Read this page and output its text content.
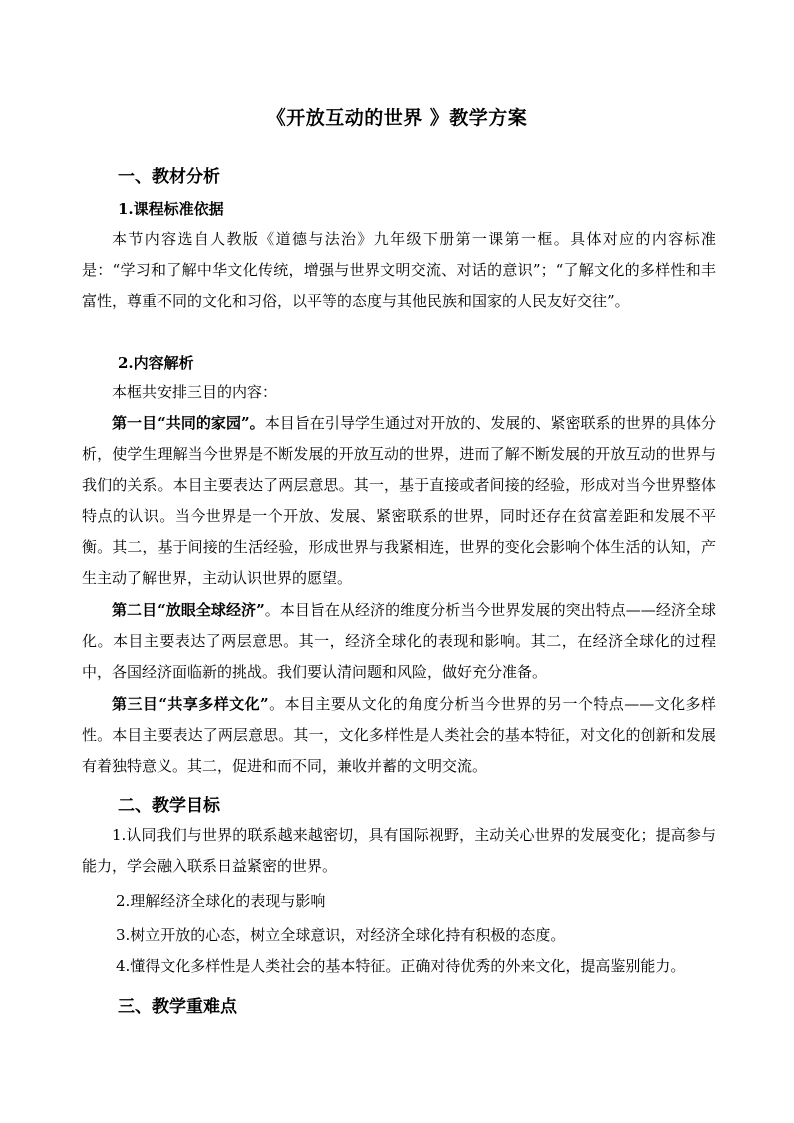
《开放互动的世界 》教学方案
一、教材分析
1.课程标准依据

本节内容选自人教版《道德与法治》九年级下册第一课第一框。具体对应的内容标准是：“学习和了解中华文化传统，增强与世界文明交流、对话的意识”；“了解文化的多样性和丰富性，尊重不同的文化和习俗，以平等的态度与其他民族和国家的人民友好交往”。

2.内容解析

本框共安排三目的内容：

第一目“共同的家园”。本目旨在引导学生通过对开放的、发展的、紧密联系的世界的具体分析，使学生理解当今世界是不断发展的开放互动的世界，进而了解不断发展的开放互动的世界与我们的关系。本目主要表达了两层意思。其一，基于直接或者间接的经验，形成对当今世界整体特点的认识。当今世界是一个开放、发展、紧密联系的世界，同时还存在贫富差距和发展不平衡。其二，基于间接的生活经验，形成世界与我紧相连，世界的变化会影响个体生活的认知，产生主动了解世界，主动认识世界的愿望。

第二目“放眼全球经济”。本目旨在从经济的维度分析当今世界发展的突出特点——经济全球化。本目主要表达了两层意思。其一，经济全球化的表现和影响。其二，在经济全球化的过程中，各国经济面临新的挑战。我们要认清问题和风险，做好充分准备。

第三目“共享多样文化”。本目主要从文化的角度分析当今世界的另一个特点——文化多样性。本目主要表达了两层意思。其一，文化多样性是人类社会的基本特征，对文化的创新和发展有着独特意义。其二，促进和而不同，兼收并蓄的文明交流。

二、教学目标

1.认同我们与世界的联系越来越密切，具有国际视野，主动关心世界的发展变化；提高参与能力，学会融入联系日益紧密的世界。

2.理解经济全球化的表现与影响
3.树立开放的心态，树立全球意识，对经济全球化持有积极的态度。
4.懂得文化多样性是人类社会的基本特征。正确对待优秀的外来文化，提高鉴别能力。
三、教学重难点
